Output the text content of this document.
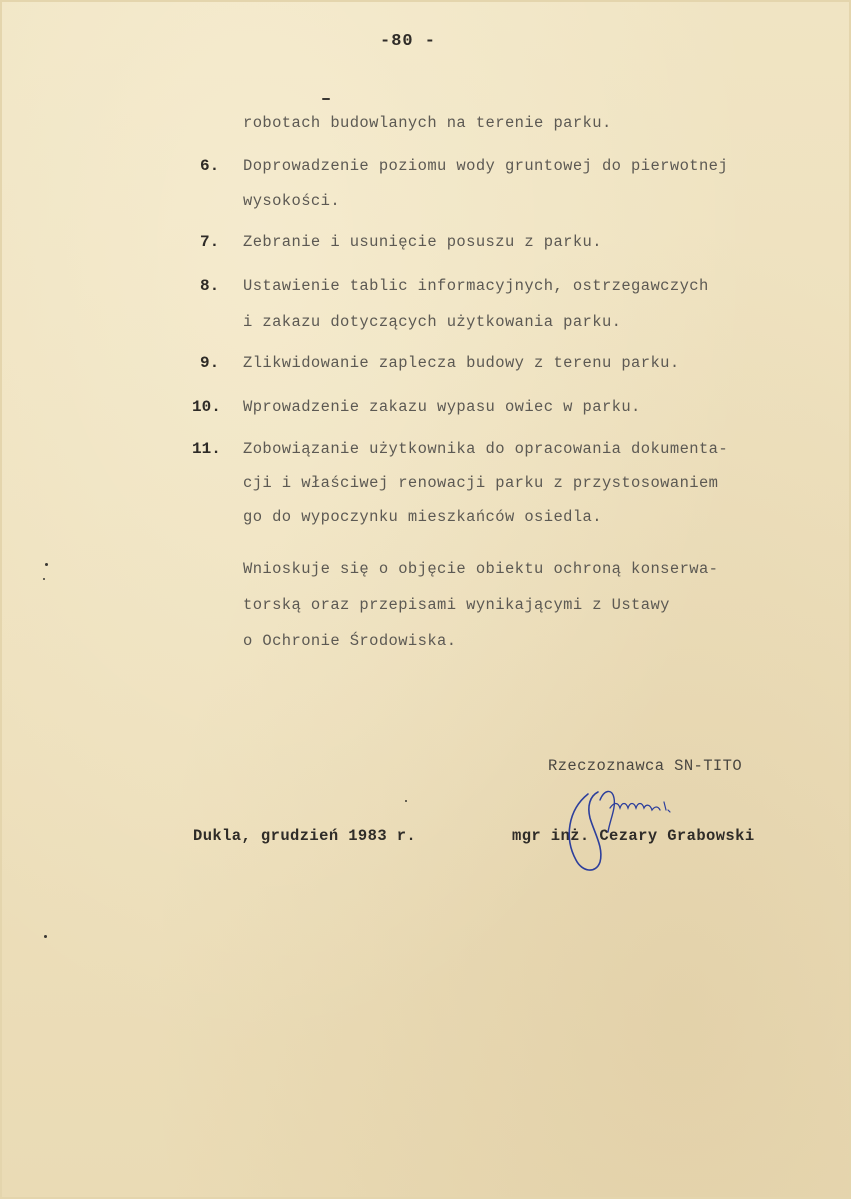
-80 -
robotach budowlanych na terenie parku.
6. Doprowadzenie poziomu wody gruntowej do pierwotnej
wysokości.
7. Zebranie i usunięcie posuszu z parku.
8. Ustawienie tablic informacyjnych, ostrzegawczych
i zakazu dotyczących użytkowania parku.
9. Zlikwidowanie zaplecza budowy z terenu parku.
10. Wprowadzenie zakazu wypasu owiec w parku.
11. Zobowiązanie użytkownika do opracowania dokumenta-
cji i właściwej renowacji parku z przystosowaniem
go do wypoczynku mieszkańców osiedla.
Wnioskuje się o objęcie obiektu ochroną konserwa-
torską oraz przepisami wynikającymi z Ustawy
o Ochronie Środowiska.
Rzeczoznawca SN-TITO
Dukla, grudzień 1983 r.	mgr inż. Cezary Grabowski
